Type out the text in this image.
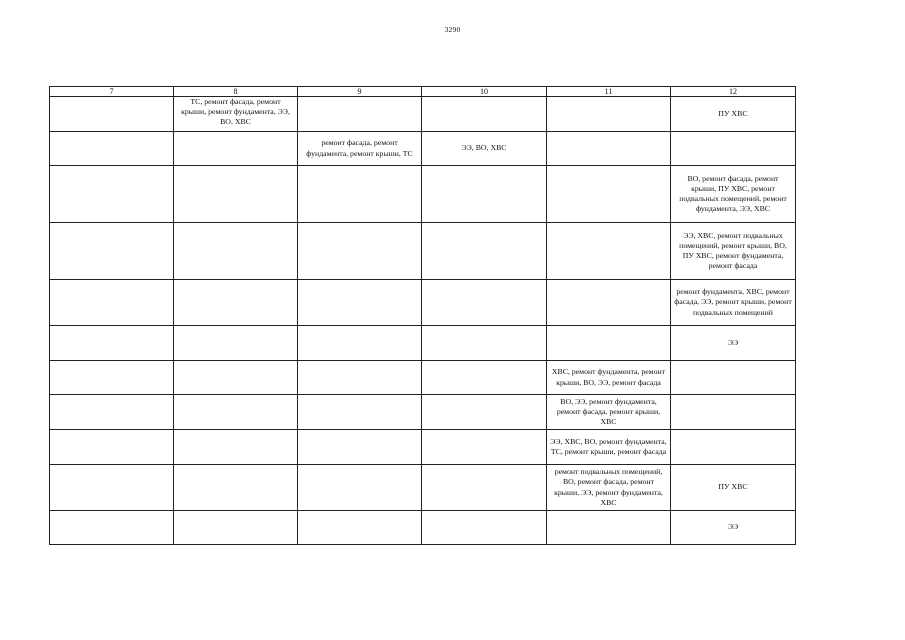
3290
7	8	9	10	11	12
	ТС, ремонт фасада, ремонт крыши, ремонт фундамента, ЭЭ, ВО, ХВС				ПУ ХВС
		ремонт фасада, ремонт фундамента, ремонт крыши, ТС	ЭЭ, ВО, ХВС		
					ВО, ремонт фасада, ремонт крыши, ПУ ХВС, ремонт подвальных помещений, ремонт фундамента, ЭЭ, ХВС
					ЭЭ, ХВС, ремонт подвальных помещений, ремонт крыши, ВО, ПУ ХВС, ремонт фундамента, ремонт фасада
					ремонт фундамента, ХВС, ремонт фасада, ЭЭ, ремонт крыши, ремонт подвальных помещений
					ЭЭ
				ХВС, ремонт фундамента, ремонт крыши, ВО, ЭЭ, ремонт фасада	
				ВО, ЭЭ, ремонт фундамента, ремонт фасада, ремонт крыши, ХВС	
				ЭЭ, ХВС, ВО, ремонт фундамента, ТС, ремонт крыши, ремонт фасада	
				ремонт подвальных помещений, ВО, ремонт фасада, ремонт крыши, ЭЭ, ремонт фундамента, ХВС	ПУ ХВС
					ЭЭ
